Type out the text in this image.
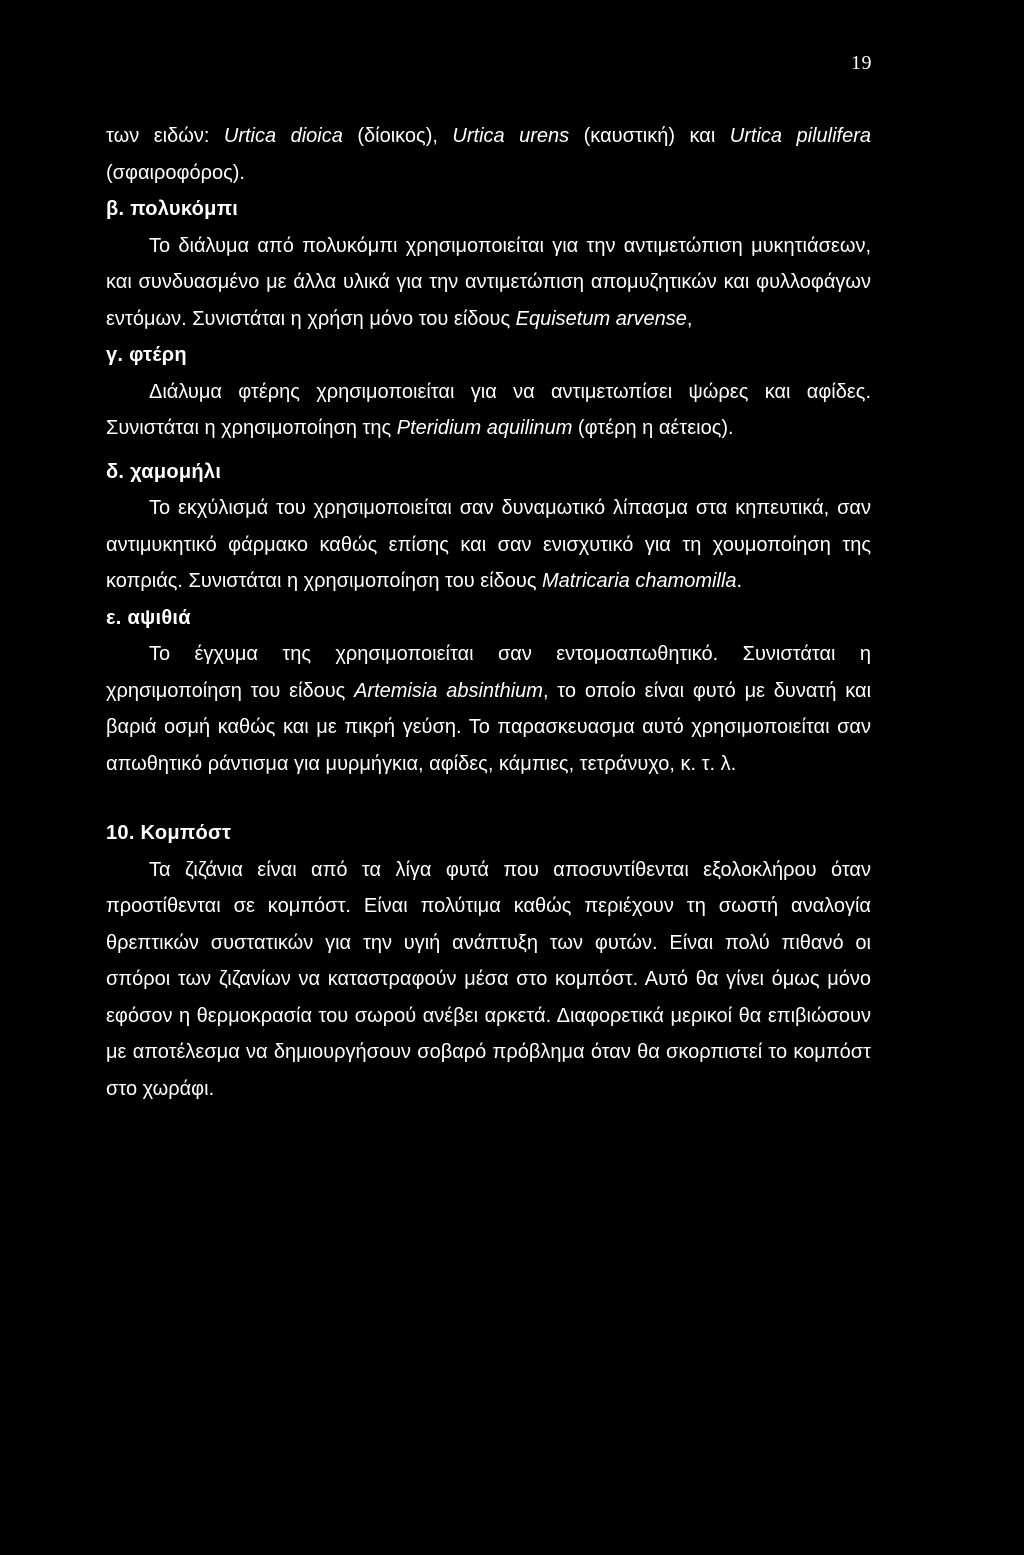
19

των ειδών: Urtica dioica (δίοικος), Urtica urens (καυστική) και Urtica pilulifera (σφαιροφόρος).

β. πολυκόμπι

Το διάλυμα από πολυκόμπι χρησιμοποιείται για την αντιμετώπιση μυκητιάσεων, και συνδυασμένο με άλλα υλικά για την αντιμετώπιση απομυζητικών και φυλλοφάγων εντόμων. Συνιστάται η χρήση μόνο του είδους Equisetum arvense,

γ. φτέρη

Διάλυμα φτέρης χρησιμοποιείται για να αντιμετωπίσει ψώρες και αφίδες. Συνιστάται η χρησιμοποίηση της Pteridium aquilinum (φτέρη η αέτειος).

δ. χαμομήλι

Το εκχύλισμά του χρησιμοποιείται σαν δυναμωτικό λίπασμα στα κηπευτικά, σαν αντιμυκητικό φάρμακο καθώς επίσης και σαν ενισχυτικό για τη χουμοποίηση της κοπριάς. Συνιστάται η χρησιμοποίηση του είδους Matricaria chamomilla.

ε. αψιθιά

Το έγχυμα της χρησιμοποιείται σαν εντομοαπωθητικό. Συνιστάται η χρησιμοποίηση του είδους Artemisia absinthium, το οποίο είναι φυτό με δυνατή και βαριά οσμή καθώς και με πικρή γεύση. Το παρασκευασμα αυτό χρησιμοποιείται σαν απωθητικό ράντισμα για μυρμήγκια, αφίδες, κάμπιες, τετράνυχο, κ. τ. λ.

10. Κομπόστ

Τα ζιζάνια είναι από τα λίγα φυτά που αποσυντίθενται εξολοκλήρου όταν προστίθενται σε κομπόστ. Είναι πολύτιμα καθώς περιέχουν τη σωστή αναλογία θρεπτικών συστατικών για την υγιή ανάπτυξη των φυτών. Είναι πολύ πιθανό οι σπόροι των ζιζανίων να καταστραφούν μέσα στο κομπόστ. Αυτό θα γίνει όμως μόνο εφόσον η θερμοκρασία του σωρού ανέβει αρκετά. Διαφορετικά μερικοί θα επιβιώσουν με αποτέλεσμα να δημιουργήσουν σοβαρό πρόβλημα όταν θα σκορπιστεί το κομπόστ στο χωράφι.
